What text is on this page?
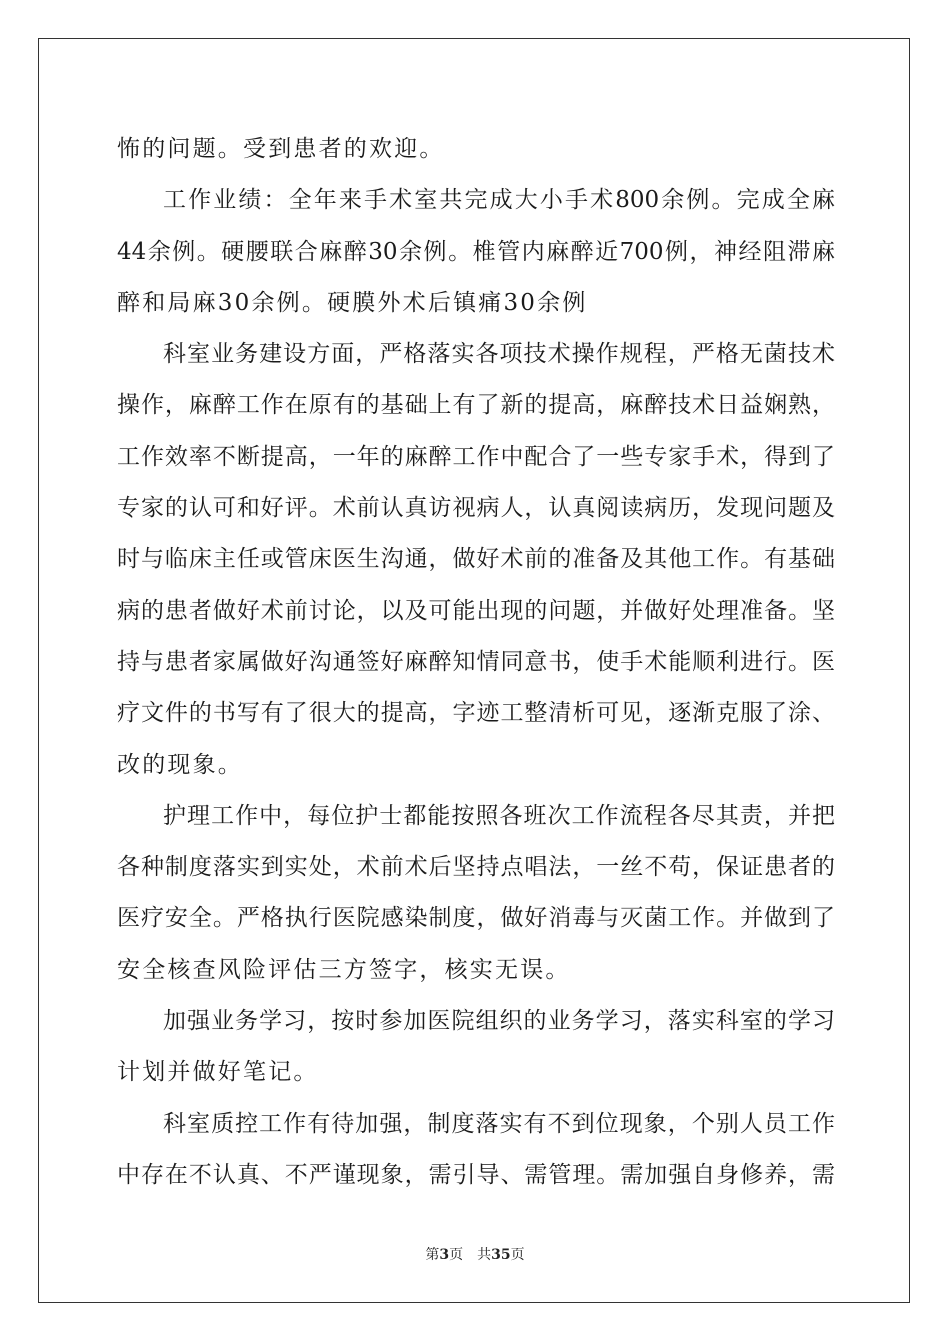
怖的问题。受到患者的欢迎。
工作业绩：全年来手术室共完成大小手术800余例。完成全麻
44余例。硬腰联合麻醉30余例。椎管内麻醉近700例，神经阻滞麻
醉和局麻30余例。硬膜外术后镇痛30余例
科室业务建设方面，严格落实各项技术操作规程，严格无菌技术
操作，麻醉工作在原有的基础上有了新的提高，麻醉技术日益娴熟，
工作效率不断提高，一年的麻醉工作中配合了一些专家手术，得到了
专家的认可和好评。术前认真访视病人，认真阅读病历，发现问题及
时与临床主任或管床医生沟通，做好术前的准备及其他工作。有基础
病的患者做好术前讨论，以及可能出现的问题，并做好处理准备。坚
持与患者家属做好沟通签好麻醉知情同意书，使手术能顺利进行。医
疗文件的书写有了很大的提高，字迹工整清析可见，逐渐克服了涂、
改的现象。
护理工作中，每位护士都能按照各班次工作流程各尽其责，并把
各种制度落实到实处，术前术后坚持点唱法，一丝不苟，保证患者的
医疗安全。严格执行医院感染制度，做好消毒与灭菌工作。并做到了
安全核查风险评估三方签字，核实无误。
加强业务学习，按时参加医院组织的业务学习，落实科室的学习
计划并做好笔记。
科室质控工作有待加强，制度落实有不到位现象，个别人员工作
中存在不认真、不严谨现象，需引导、需管理。需加强自身修养，需
第3页 共35页
